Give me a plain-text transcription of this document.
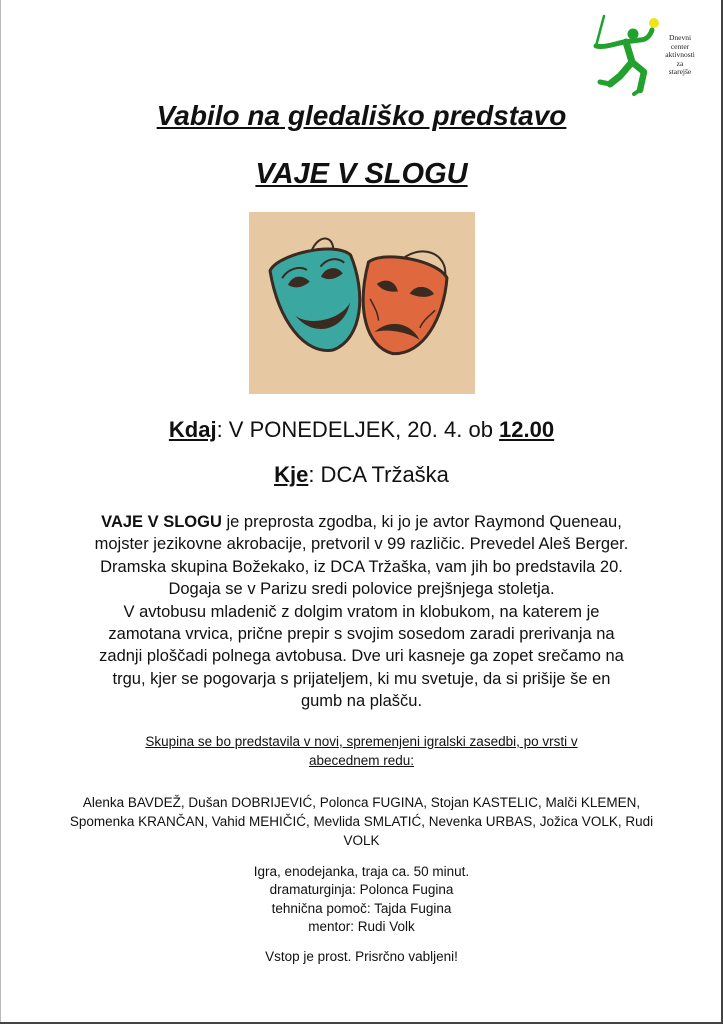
Dnevni
center
aktivnosti
za
starejše
Vabilo na gledališko predstavo
VAJE V SLOGU
Kdaj: V PONEDELJEK, 20. 4. ob 12.00
Kje: DCA Tržaška
VAJE V SLOGU je preprosta zgodba, ki jo je avtor Raymond Queneau,
mojster jezikovne akrobacije, pretvoril v 99 različic. Prevedel Aleš Berger.
Dramska skupina Božekako, iz DCA Tržaška, vam jih bo predstavila 20.
Dogaja se v Parizu sredi polovice prejšnjega stoletja.
V avtobusu mladenič z dolgim vratom in klobukom, na katerem je
zamotana vrvica, prične prepir s svojim sosedom zaradi prerivanja na
zadnji ploščadi polnega avtobusa. Dve uri kasneje ga zopet srečamo na
trgu, kjer se pogovarja s prijateljem, ki mu svetuje, da si prišije še en
gumb na plašču.
Skupina se bo predstavila v novi, spremenjeni igralski zasedbi, po vrsti v
abecednem redu:
Alenka BAVDEŽ, Dušan DOBRIJEVIĆ, Polonca FUGINA, Stojan KASTELIC, Malči KLEMEN,
Spomenka KRANČAN, Vahid MEHIČIĆ, Mevlida SMLATIĆ, Nevenka URBAS, Jožica VOLK, Rudi
VOLK
Igra, enodejanka, traja ca. 50 minut.
dramaturginja: Polonca Fugina
tehnična pomoč: Tajda Fugina
mentor: Rudi Volk
Vstop je prost. Prisrčno vabljeni!
